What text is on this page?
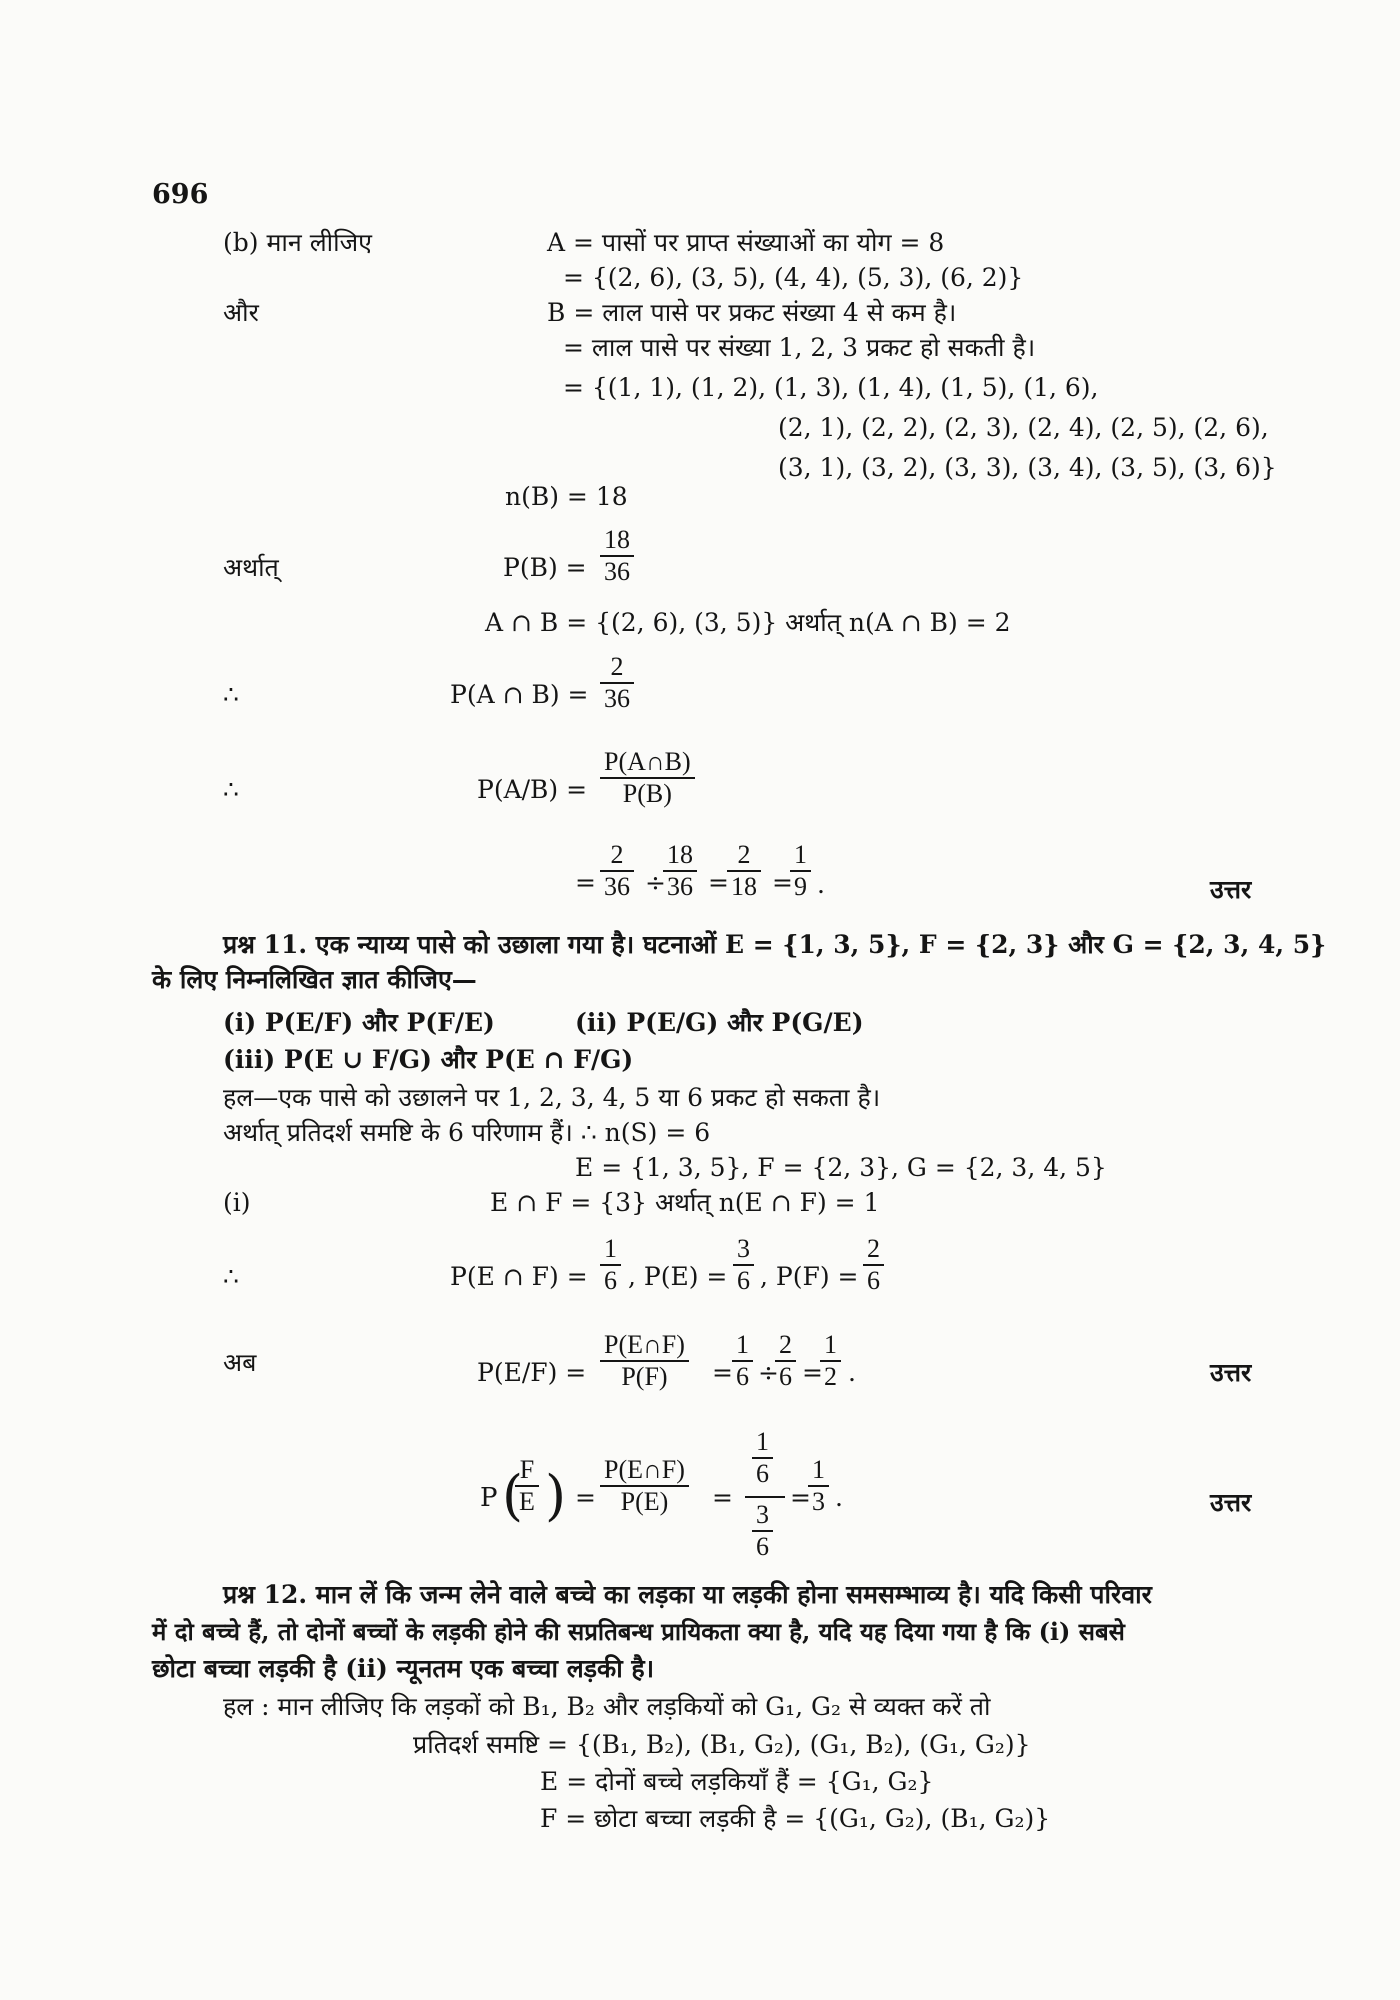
696
(b) मान लीजिए	A = पासों पर प्राप्त संख्याओं का योग = 8
= {(2, 6), (3, 5), (4, 4), (5, 3), (6, 2)}
और	B = लाल पासे पर प्रकट संख्या 4 से कम है।
= लाल पासे पर संख्या 1, 2, 3 प्रकट हो सकती है।
= {(1, 1), (1, 2), (1, 3), (1, 4), (1, 5), (1, 6),
(2, 1), (2, 2), (2, 3), (2, 4), (2, 5), (2, 6),
(3, 1), (3, 2), (3, 3), (3, 4), (3, 5), (3, 6)}
n(B) = 18
अर्थात्	P(B) =
18
36
A ∩ B = {(2, 6), (3, 5)} अर्थात् n(A ∩ B) = 2
∴	P(A ∩ B) =
2
36
∴	P(A/B) =
P(A∩B)
P(B)
=
2
36 ÷
18
36 =
2
18 =
1
9 .	उत्तर
प्रश्न 11. एक न्याय्य पासे को उछाला गया है। घटनाओं E = {1, 3, 5}, F = {2, 3} और G = {2, 3, 4, 5}
के लिए निम्नलिखित ज्ञात कीजिए—
(i) P(E/F) और P(F/E)	(ii) P(E/G) और P(G/E)
(iii) P(E ∪ F/G) और P(E ∩ F/G)
हल—एक पासे को उछालने पर 1, 2, 3, 4, 5 या 6 प्रकट हो सकता है।
अर्थात् प्रतिदर्श समष्टि के 6 परिणाम हैं। ∴ n(S) = 6
E = {1, 3, 5}, F = {2, 3}, G = {2, 3, 4, 5}
(i)	E ∩ F = {3} अर्थात् n(E ∩ F) = 1
∴	P(E ∩ F) =
1
6 , P(E) =
3
6 , P(F) =
2
6
अब	P(E/F) =
P(E∩F)
P(F)	=
1
6 ÷
2
6 =
1
2 .	उत्तर
P (
F
E ) =
P(E∩F)
P(E)	=
1
6
3
6
=
1
3 .	उत्तर
प्रश्न 12. मान लें कि जन्म लेने वाले बच्चे का लड़का या लड़की होना समसम्भाव्य है। यदि किसी परिवार
में दो बच्चे हैं, तो दोनों बच्चों के लड़की होने की सप्रतिबन्ध प्रायिकता क्या है, यदि यह दिया गया है कि (i) सबसे
छोटा बच्चा लड़की है (ii) न्यूनतम एक बच्चा लड़की है।
हल : मान लीजिए कि लड़कों को B₁, B₂ और लड़कियों को G₁, G₂ से व्यक्त करें तो
प्रतिदर्श समष्टि = {(B₁, B₂), (B₁, G₂), (G₁, B₂), (G₁, G₂)}
E = दोनों बच्चे लड़कियाँ हैं = {G₁, G₂}
F = छोटा बच्चा लड़की है = {(G₁, G₂), (B₁, G₂)}
